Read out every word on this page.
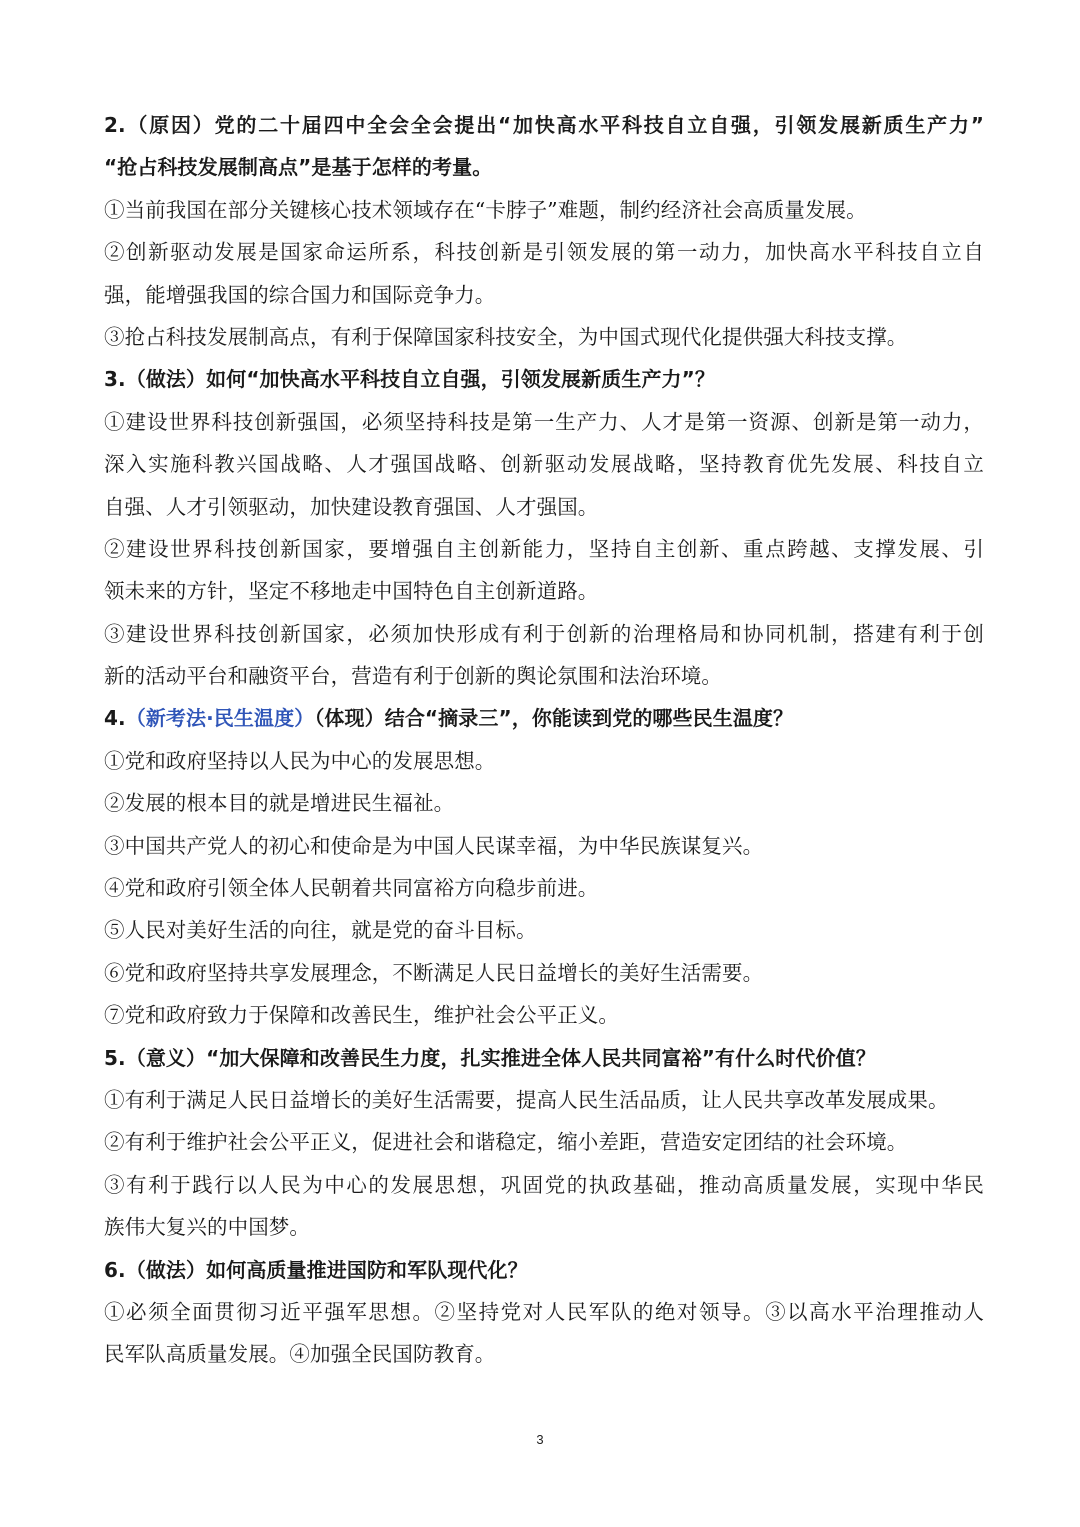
2.（原因）党的二十届四中全会全会提出“加快高水平科技自立自强，引领发展新质生产力”
“抢占科技发展制高点”是基于怎样的考量。
①当前我国在部分关键核心技术领域存在“卡脖子”难题，制约经济社会高质量发展。
②创新驱动发展是国家命运所系，科技创新是引领发展的第一动力，加快高水平科技自立自
强，能增强我国的综合国力和国际竞争力。
③抢占科技发展制高点，有利于保障国家科技安全，为中国式现代化提供强大科技支撑。
3.（做法）如何“加快高水平科技自立自强，引领发展新质生产力”？
①建设世界科技创新强国，必须坚持科技是第一生产力、人才是第一资源、创新是第一动力，
深入实施科教兴国战略、人才强国战略、创新驱动发展战略，坚持教育优先发展、科技自立
自强、人才引领驱动，加快建设教育强国、人才强国。
②建设世界科技创新国家，要增强自主创新能力，坚持自主创新、重点跨越、支撑发展、引
领未来的方针，坚定不移地走中国特色自主创新道路。
③建设世界科技创新国家，必须加快形成有利于创新的治理格局和协同机制，搭建有利于创
新的活动平台和融资平台，营造有利于创新的舆论氛围和法治环境。
4.（新考法·民生温度）（体现）结合“摘录三”，你能读到党的哪些民生温度？
①党和政府坚持以人民为中心的发展思想。
②发展的根本目的就是增进民生福祉。
③中国共产党人的初心和使命是为中国人民谋幸福，为中华民族谋复兴。
④党和政府引领全体人民朝着共同富裕方向稳步前进。
⑤人民对美好生活的向往，就是党的奋斗目标。
⑥党和政府坚持共享发展理念，不断满足人民日益增长的美好生活需要。
⑦党和政府致力于保障和改善民生，维护社会公平正义。
5.（意义）“加大保障和改善民生力度，扎实推进全体人民共同富裕”有什么时代价值？
①有利于满足人民日益增长的美好生活需要，提高人民生活品质，让人民共享改革发展成果。
②有利于维护社会公平正义，促进社会和谐稳定，缩小差距，营造安定团结的社会环境。
③有利于践行以人民为中心的发展思想，巩固党的执政基础，推动高质量发展，实现中华民
族伟大复兴的中国梦。
6.（做法）如何高质量推进国防和军队现代化？
①必须全面贯彻习近平强军思想。②坚持党对人民军队的绝对领导。③以高水平治理推动人
民军队高质量发展。④加强全民国防教育。
3
